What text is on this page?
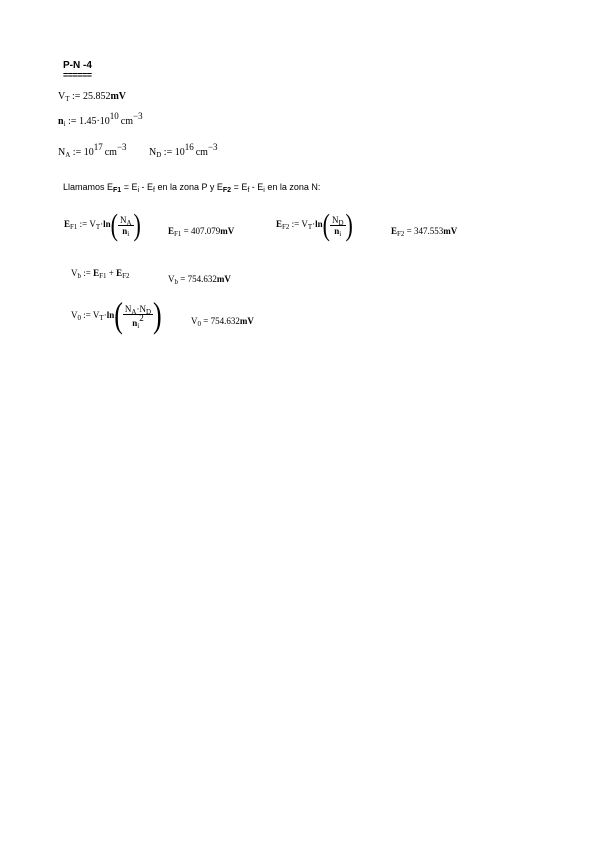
P-N -4
======
$V_T$ := 25.852mV
$n_i$ := $1.45\cdot 10^{10}$ $cm^{-3}$
$N_A$ := $10^{17}$ $cm^{-3}$ $N_D$ := $10^{16}$ $cm^{-3}$
Llamamos $E_{F1} = E_i - E_f$ en la zona P y $E_{F2} = E_f - E_i$ en la zona N:
$E_{F1}$ := $V_T\cdot\ln( \frac{N_A}{n_i}$ )	$E_{F1} = 407.079mV$
$E_{F2}$ := $V_T\cdot\ln( \frac{N_D}{n_i}$ )	$E_{F2} = 347.553mV$
$V_b$ := $E_{F1} + E_{F2}$	$V_b = 754.632mV$
$V_0$ := $V_T\cdot\ln( \frac{N_A\cdot N_D}{n_i^2}$ )	$V_0 = 754.632mV$
